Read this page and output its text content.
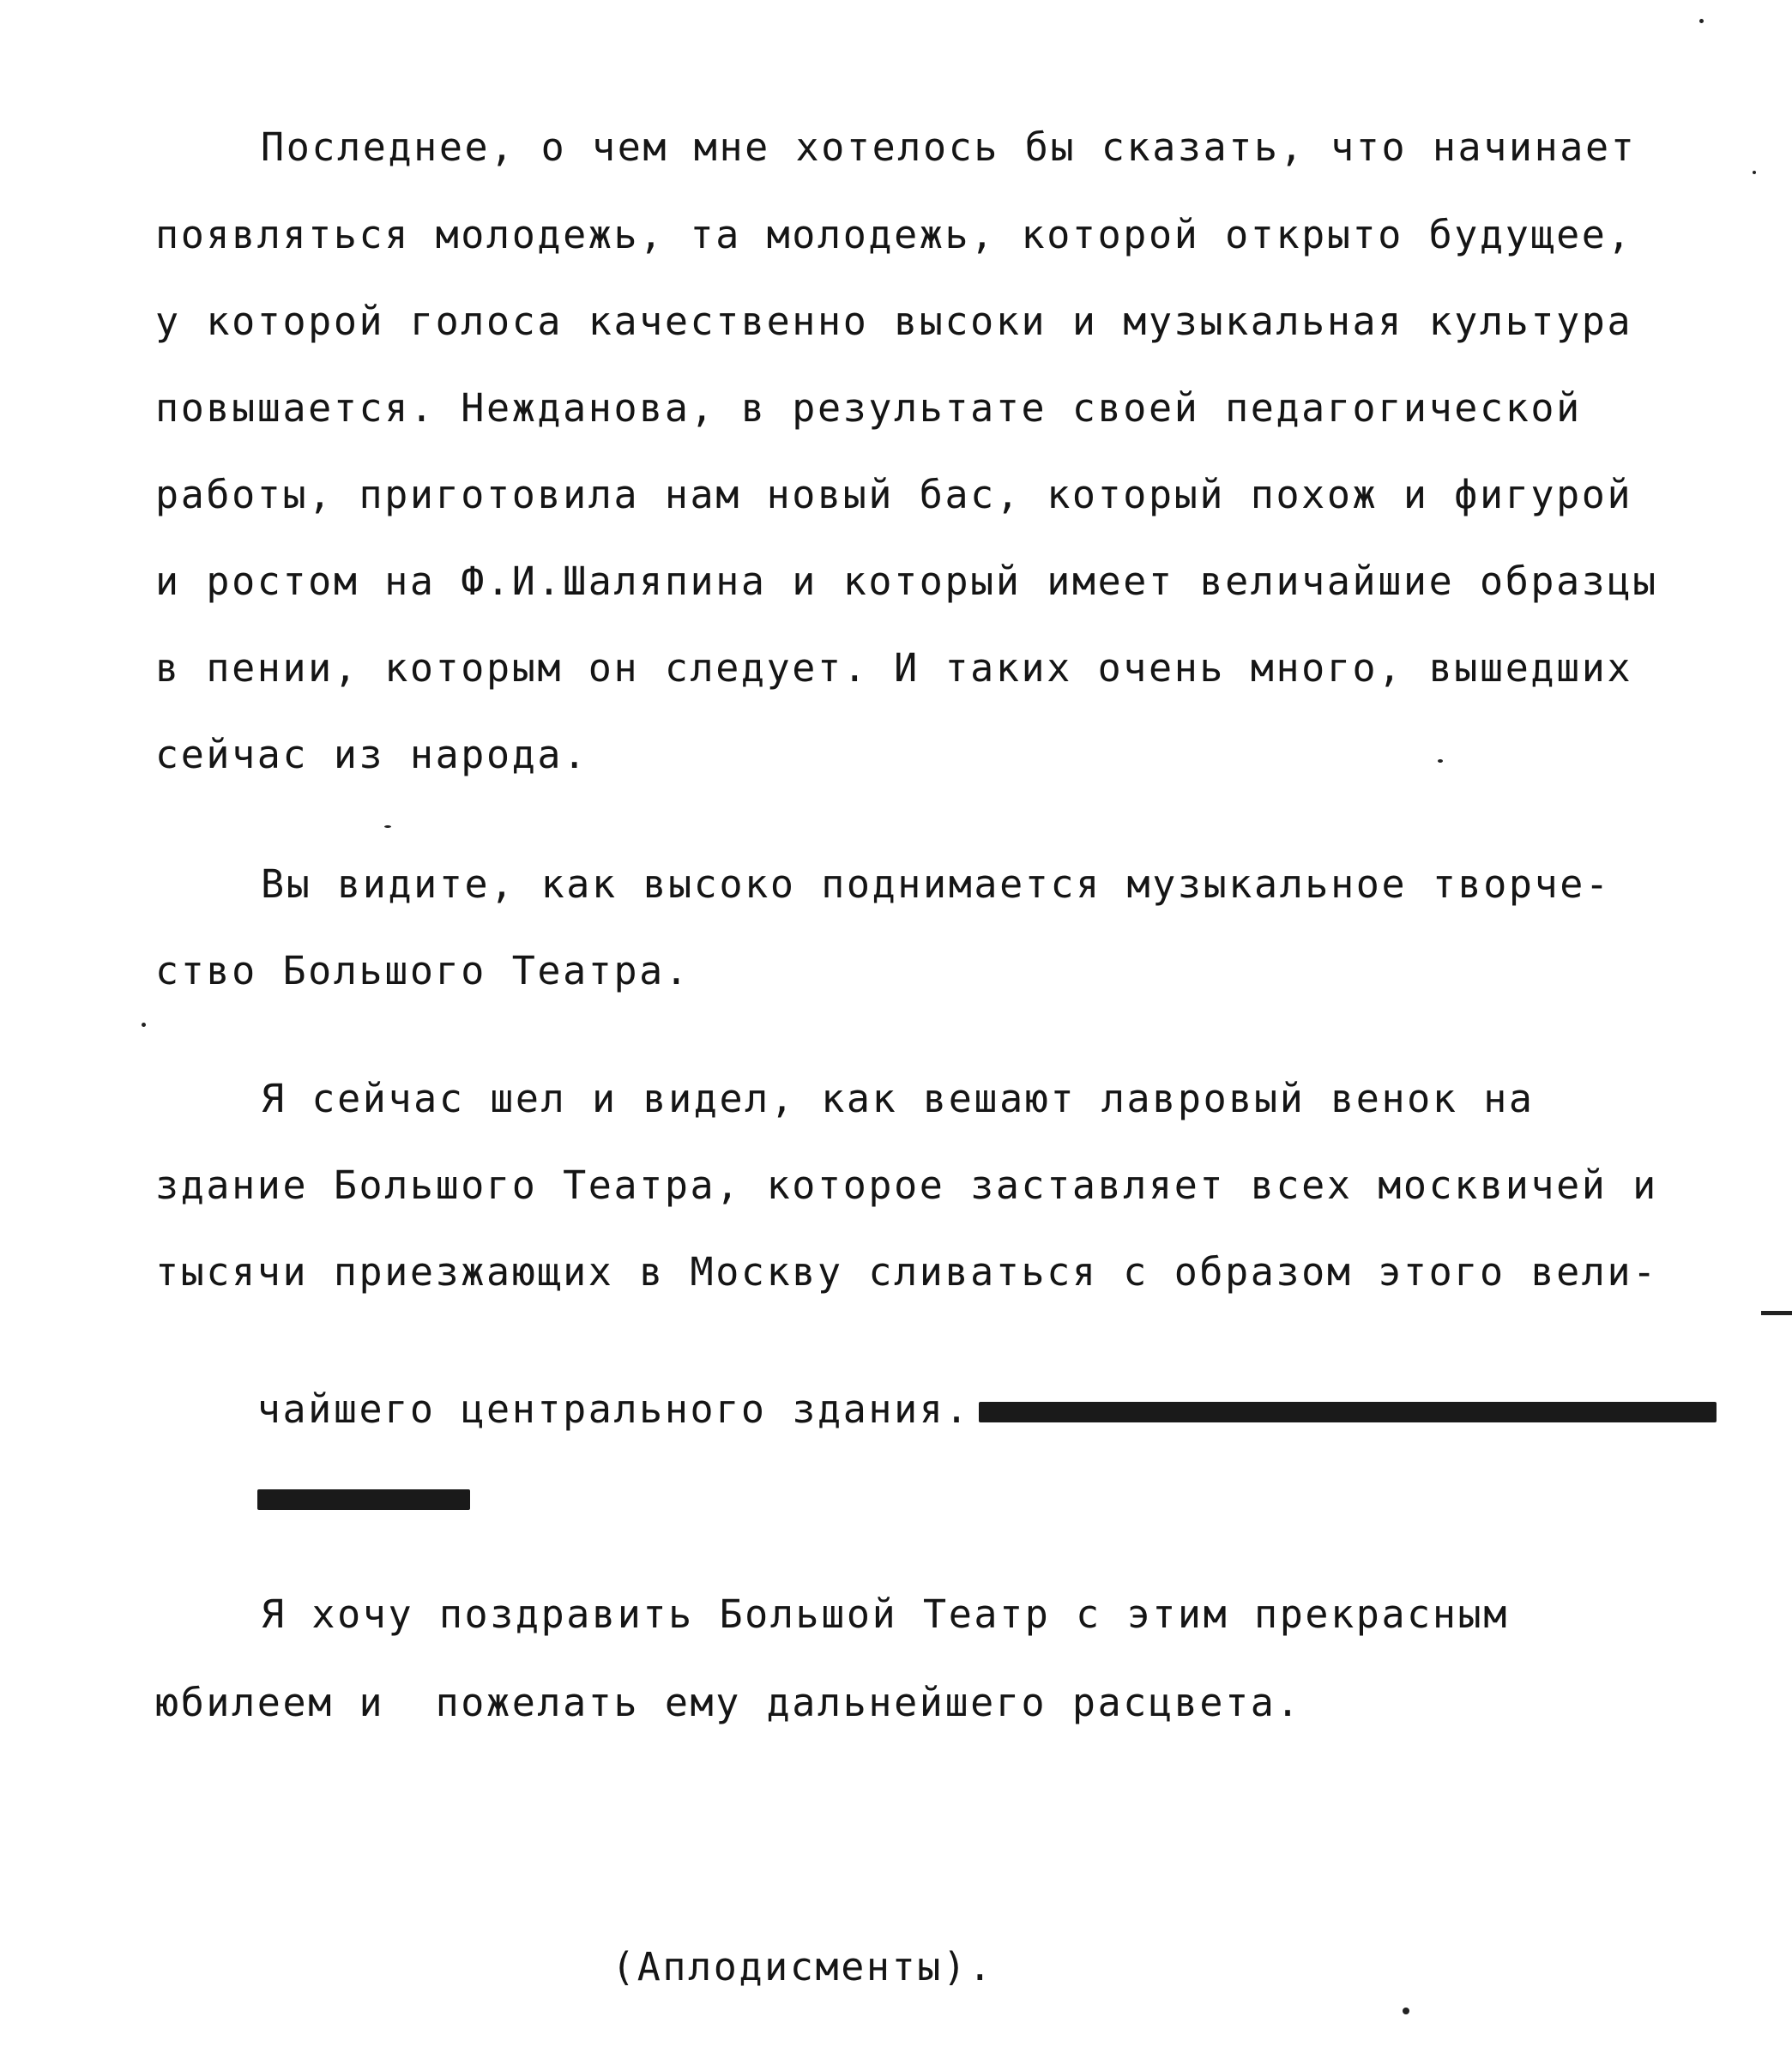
Последнее, о чем мне хотелось бы сказать, что начинает
появляться молодежь, та молодежь, которой открыто будущее,
у которой голоса качественно высоки и музыкальная культура
повышается. Нежданова, в результате своей педагогической
работы, приготовила нам новый бас, который похож и фигурой
и ростом на Ф.И.Шаляпина и который имеет величайшие образцы
в пении, которым он следует. И таких очень много, вышедших
сейчас из народа.
Вы видите, как высоко поднимается музыкальное творче-
ство Большого Театра.
Я сейчас шел и видел, как вешают лавровый венок на
здание Большого Театра, которое заставляет всех москвичей и
тысячи приезжающих в Москву сливаться с образом этого вели-

чайшего центрального здания.

Я хочу поздравить Большой Театр с этим прекрасным
юбилеем и  пожелать ему дальнейшего расцвета.
(Аплодисменты).
